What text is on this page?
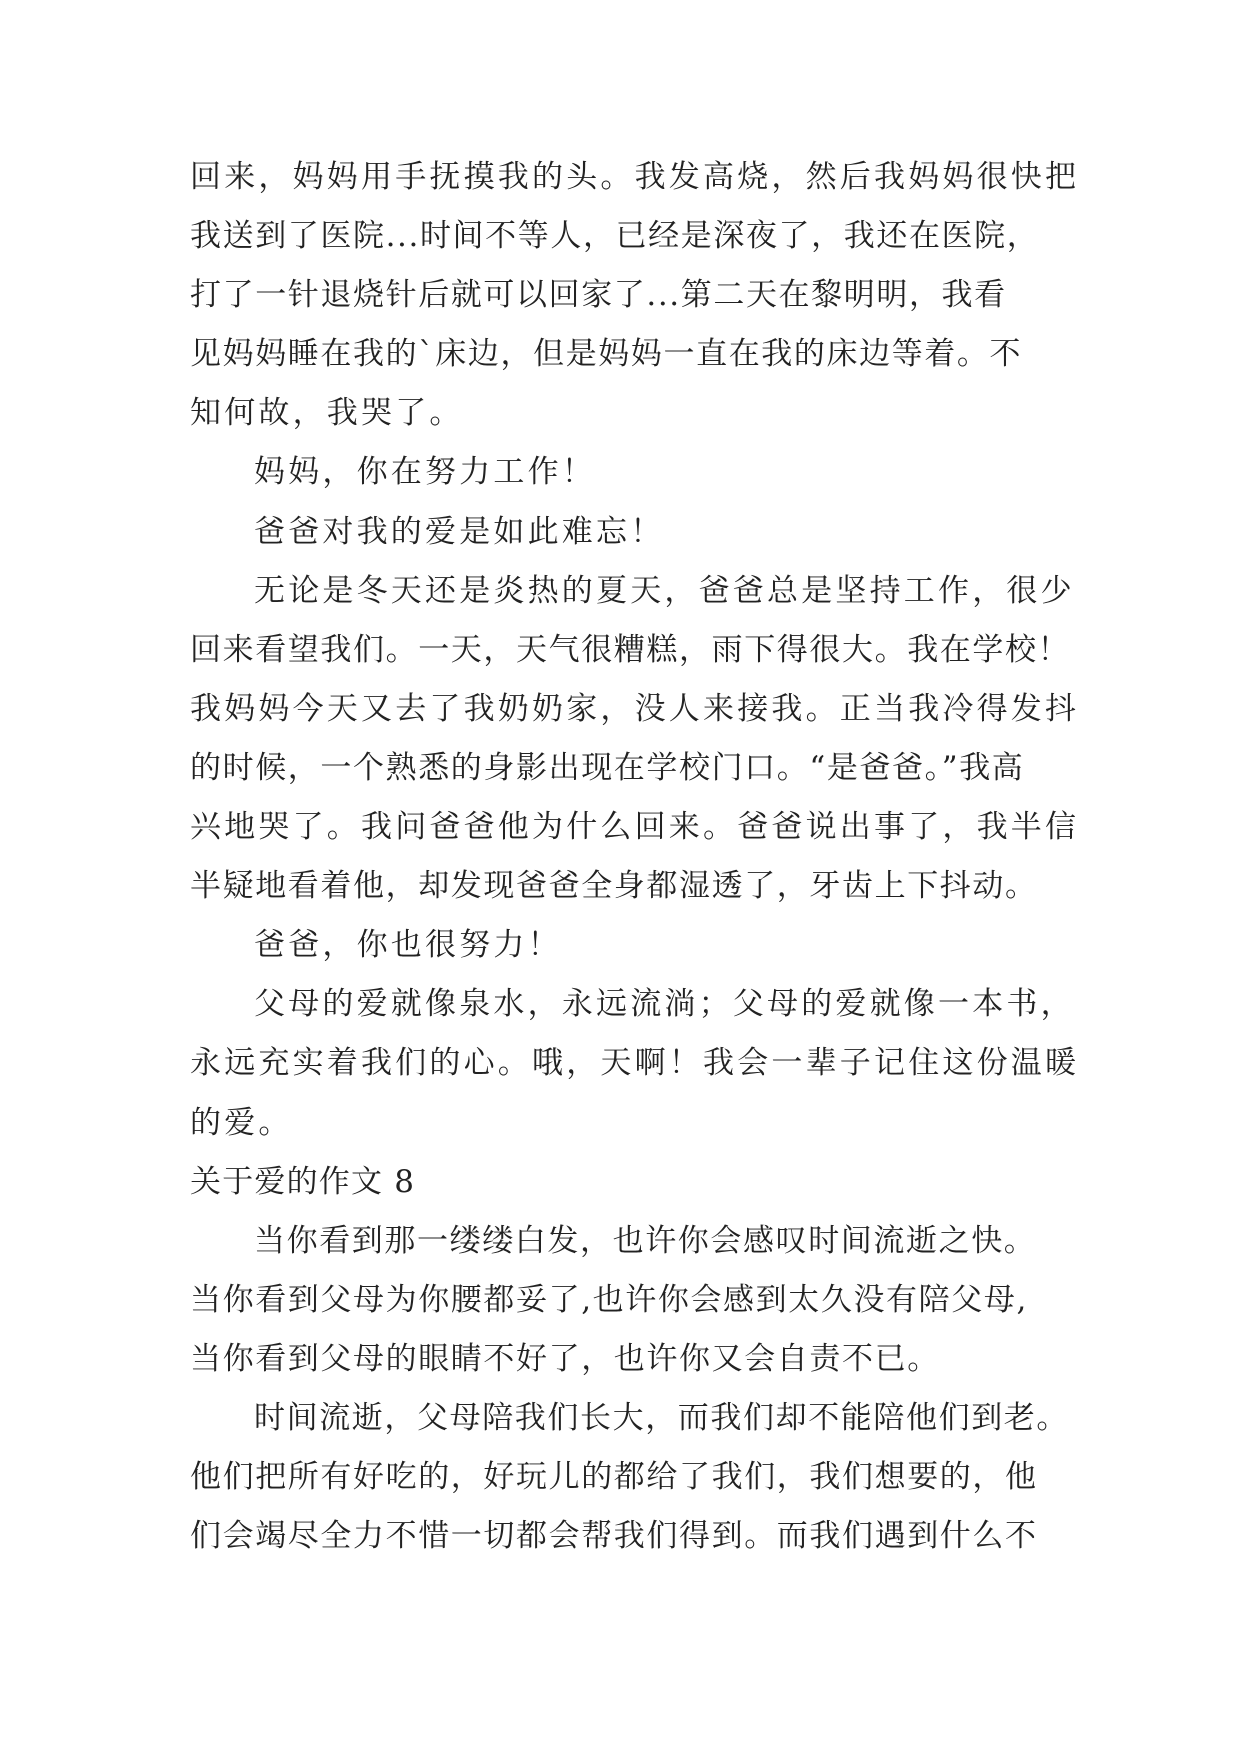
回来，妈妈用手抚摸我的头。我发高烧，然后我妈妈很快把
我送到了医院...时间不等人，已经是深夜了，我还在医院，
打了一针退烧针后就可以回家了...第二天在黎明明，我看
见妈妈睡在我的`床边，但是妈妈一直在我的床边等着。不
知何故，我哭了。
妈妈，你在努力工作！
爸爸对我的爱是如此难忘！
无论是冬天还是炎热的夏天，爸爸总是坚持工作，很少
回来看望我们。一天，天气很糟糕，雨下得很大。我在学校！
我妈妈今天又去了我奶奶家，没人来接我。正当我冷得发抖
的时候，一个熟悉的身影出现在学校门口。“是爸爸。”我高
兴地哭了。我问爸爸他为什么回来。爸爸说出事了，我半信
半疑地看着他，却发现爸爸全身都湿透了，牙齿上下抖动。
爸爸，你也很努力！
父母的爱就像泉水，永远流淌；父母的爱就像一本书，
永远充实着我们的心。哦，天啊！我会一辈子记住这份温暖
的爱。
关于爱的作文 8
当你看到那一缕缕白发，也许你会感叹时间流逝之快。
当你看到父母为你腰都妥了,也许你会感到太久没有陪父母,
当你看到父母的眼睛不好了，也许你又会自责不已。
时间流逝，父母陪我们长大，而我们却不能陪他们到老。
他们把所有好吃的，好玩儿的都给了我们，我们想要的，他
们会竭尽全力不惜一切都会帮我们得到。而我们遇到什么不
